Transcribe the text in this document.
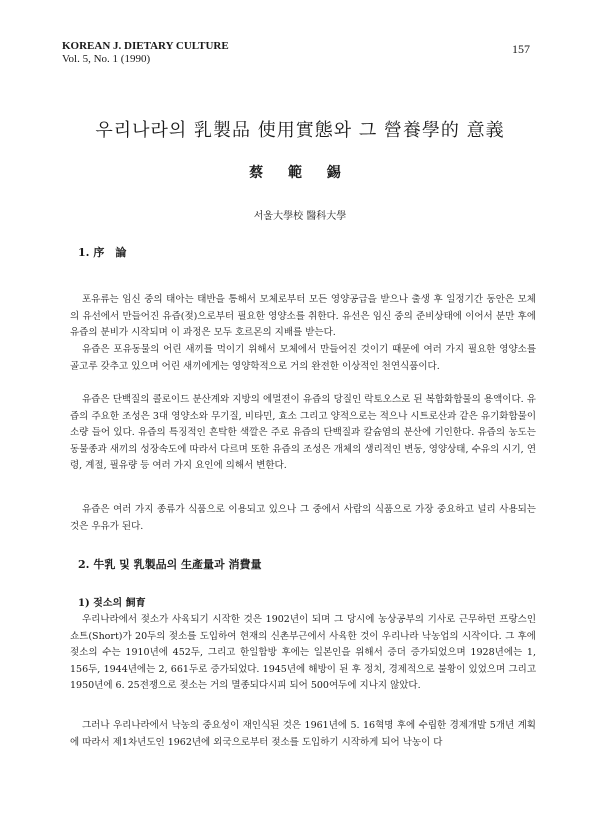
KOREAN J. DIETARY CULTURE
Vol. 5, No. 1 (1990)
157
우리나라의 乳製品 使用實態와 그 營養學的 意義
蔡 範 錫
서울大學校 醫科大學
1. 序　論

포유류는 임신 중의 태아는 태반을 통해서 모체로부터 모든 영양공급을 받으나 출생 후 일정기간 동안은 모체의 유선에서 만들어진 유즙(젖)으로부터 필요한 영양소를 취한다. 유선은 임신 중의 준비상태에 이어서 분만 후에 유즙의 분비가 시작되며 이 과정은 모두 호르몬의 지배를 받는다.

유즙은 포유동물의 어린 새끼를 먹이기 위해서 모체에서 만들어진 것이기 때문에 여러 가지 필요한 영양소를 골고루 갖추고 있으며 어린 새끼에게는 영양학적으로 거의 완전한 이상적인 천연식품이다.

유즙은 단백질의 콜로이드 분산계와 지방의 에멀젼이 유즙의 당질인 락토오스로 된 복합화합물의 용액이다. 유즙의 주요한 조성은 3대 영양소와 무기질, 비타민, 효소 그리고 양적으로는 적으나 시트로산과 같은 유기화합물이 소량 들어 있다. 유즙의 특징적인 흔탁한 색깔은 주로 유즙의 단백질과 칼슘염의 분산에 기인한다. 유즙의 농도는 동물종과 새끼의 성장속도에 따라서 다르며 또한 유즙의 조성은 개체의 생리적인 변동, 영양상태, 수유의 시기, 연령, 계절, 필유량 등 여러 가지 요인에 의해서 변한다.

유즙은 여러 가지 종류가 식품으로 이용되고 있으나 그 중에서 사람의 식품으로 가장 중요하고 널리 사용되는 것은 우유가 된다.

2. 牛乳 및 乳製品의 生產量과 消費量
1) 젖소의 飼育

우리나라에서 젖소가 사육되기 시작한 것은 1902년이 되며 그 당시에 농상공부의 기사로 근무하던 프랑스인 쇼트(Short)가 20두의 젖소를 도입하여 현재의 신촌부근에서 사육한 것이 우리나라 낙농업의 시작이다. 그 후에 젖소의 수는 1910년에 452두, 그리고 한일합방 후에는 일본인을 위해서 증더 증가되었으며 1928년에는 1, 156두, 1944년에는 2, 661두로 증가되었다. 1945년에 해방이 된 후 정치, 경제적으로 불황이 있었으며 그리고 1950년에 6. 25전쟁으로 젖소는 거의 멸종되다시피 되어 500여두에 지나지 않았다.

그러나 우리나라에서 낙농의 중요성이 재인식된 것은 1961년에 5. 16혁명 후에 수립한 경제개발 5개년 계획에 따라서 제1차년도인 1962년에 외국으로부터 젖소를 도입하기 시작하게 되어 낙농이 다
